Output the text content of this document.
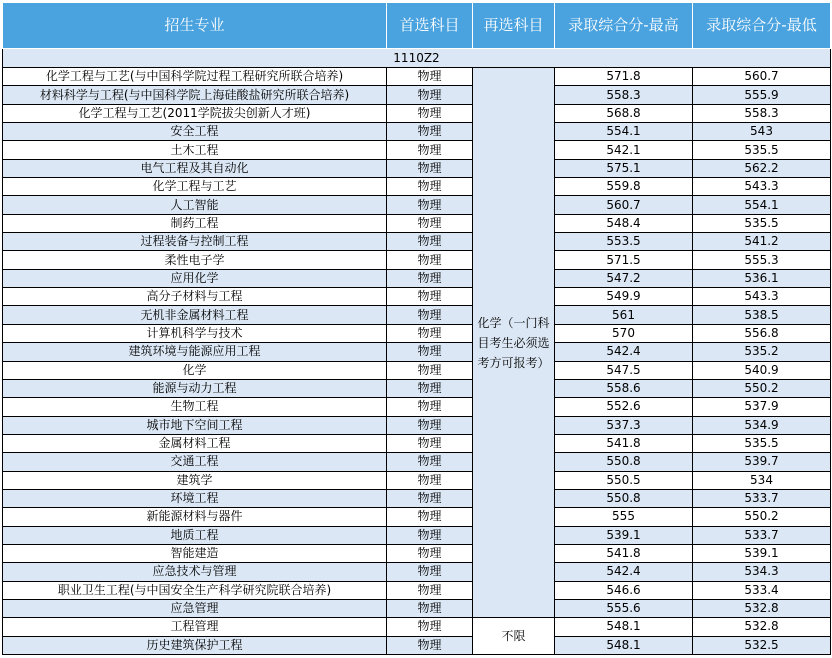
招生专业	首选科目	再选科目	录取综合分-最高	录取综合分-最低
1110Z2				
化学工程与工艺(与中国科学院过程工程研究所联合培养)	物理	化学（一门科目考生必须选考方可报考）	571.8	560.7
材料科学与工程(与中国科学院上海硅酸盐研究所联合培养)	物理		558.3	555.9
化学工程与工艺(2011学院拔尖创新人才班)	物理		568.8	558.3
安全工程	物理		554.1	543
土木工程	物理		542.1	535.5
电气工程及其自动化	物理		575.1	562.2
化学工程与工艺	物理		559.8	543.3
人工智能	物理		560.7	554.1
制药工程	物理		548.4	535.5
过程装备与控制工程	物理		553.5	541.2
柔性电子学	物理		571.5	555.3
应用化学	物理		547.2	536.1
高分子材料与工程	物理		549.9	543.3
无机非金属材料工程	物理		561	538.5
计算机科学与技术	物理		570	556.8
建筑环境与能源应用工程	物理		542.4	535.2
化学	物理		547.5	540.9
能源与动力工程	物理		558.6	550.2
生物工程	物理		552.6	537.9
城市地下空间工程	物理		537.3	534.9
金属材料工程	物理		541.8	535.5
交通工程	物理		550.8	539.7
建筑学	物理		550.5	534
环境工程	物理		550.8	533.7
新能源材料与器件	物理		555	550.2
地质工程	物理		539.1	533.7
智能建造	物理		541.8	539.1
应急技术与管理	物理		542.4	534.3
职业卫生工程(与中国安全生产科学研究院联合培养)	物理		546.6	533.4
应急管理	物理		555.6	532.8
工程管理	物理	不限	548.1	532.8
历史建筑保护工程	物理		548.1	532.5
